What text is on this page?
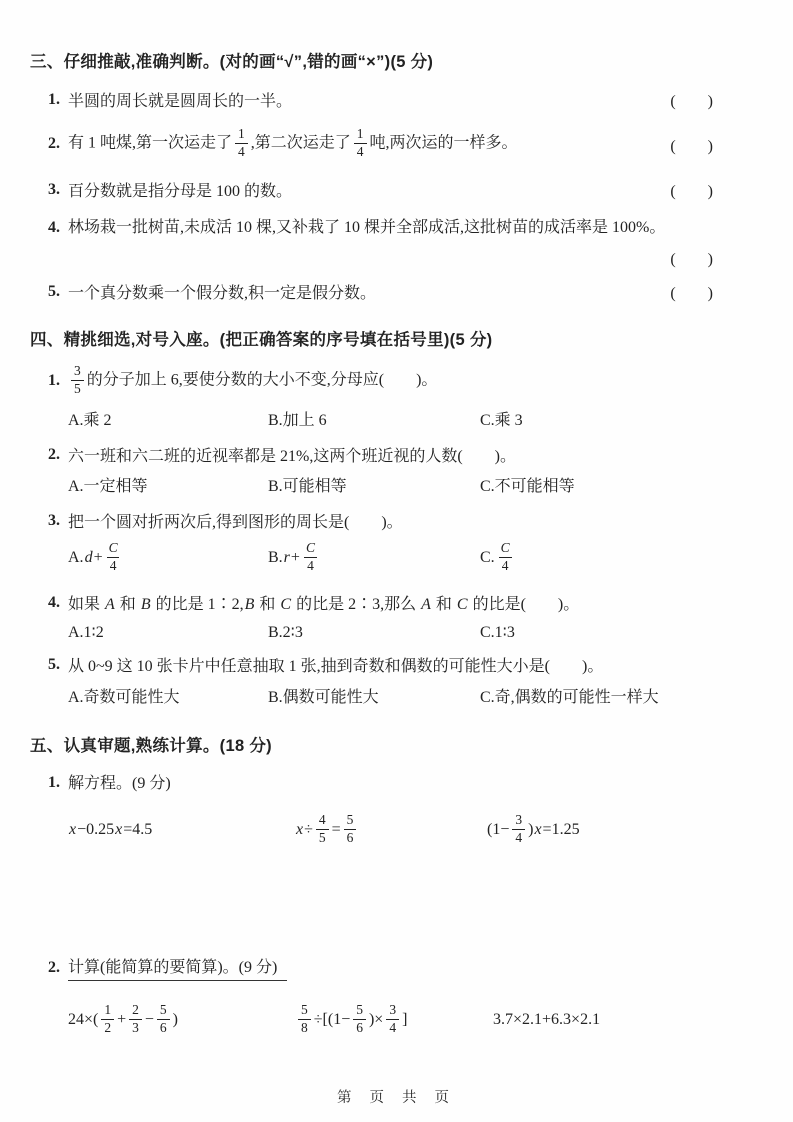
三、仔细推敲,准确判断。(对的画“√”,错的画“×”)(5 分)
1. 半圆的周长就是圆周长的一半。	(　　)
2. 有 1 吨煤,第一次运走了 $\frac{1}{4}$ ,第二次运走了 $\frac{1}{4}$ 吨,两次运的一样多。	(　　)
3. 百分数就是指分母是 100 的数。	(　　)
4. 林场栽一批树苗,未成活 10 棵,又补栽了 10 棵并全部成活,这批树苗的成活率是 100%。
(　　)
5. 一个真分数乘一个假分数,积一定是假分数。	(　　)
四、精挑细选,对号入座。(把正确答案的序号填在括号里)(5 分)
1. $\frac{3}{5}$ 的分子加上 6,要使分数的大小不变,分母应(　　)。
A.乘 2	B.加上 6	C.乘 3
2. 六一班和六二班的近视率都是 21%,这两个班近视的人数(　　)。
A.一定相等	B.可能相等	C.不可能相等
3. 把一个圆对折两次后,得到图形的周长是(　　)。
A. $d + \frac{C}{4}$	B. $r + \frac{C}{4}$	C. $\frac{C}{4}$
4. 如果 A 和 B 的比是 1∶2,B 和 C 的比是 2∶3,那么 A 和 C 的比是(　　)。
A.1∶2	B.2∶3	C.1∶3
5. 从 0~9 这 10 张卡片中任意抽取 1 张,抽到奇数和偶数的可能性大小是(　　)。
A.奇数可能性大	B.偶数可能性大	C.奇,偶数的可能性一样大
五、认真审题,熟练计算。(18 分)
1. 解方程。(9 分)
x −0.25 x =4.5	$x \div \frac{4}{5} = \frac{5}{6}$	($1- \frac{3}{4}$ ) x =1.25
2. 计算(能简算的要简算)。(9 分)
$24\times( \frac{1}{2} + \frac{2}{3} - \frac{5}{6}$ )	$\frac{5}{8} \div[(1- \frac{5}{6}$ )× $\frac{3}{4}$ ]	3.7×2.1+6.3×2.1
第 页 共 页
